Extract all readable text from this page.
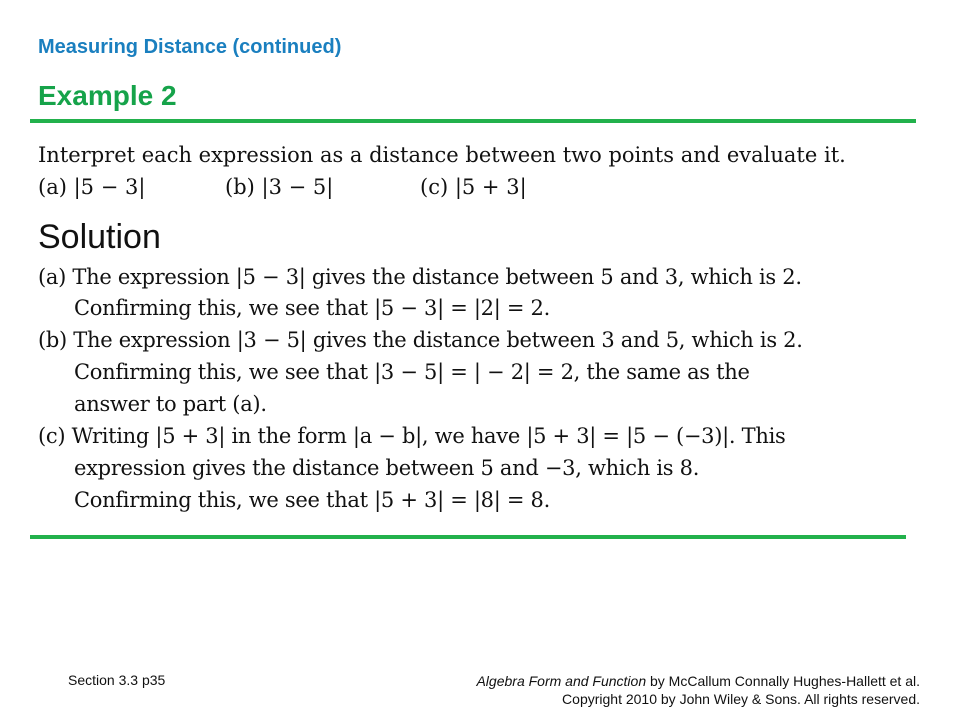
Measuring Distance (continued)
Example 2
Interpret each expression as a distance between two points and evaluate it.
(a) |5 − 3|	(b) |3 − 5|	(c) |5 + 3|
Solution
(a) The expression |5 − 3| gives the distance between 5 and 3, which is 2.
Confirming this, we see that |5 − 3| = |2| = 2.
(b) The expression |3 − 5| gives the distance between 3 and 5, which is 2.
Confirming this, we see that |3 − 5| = | − 2| = 2, the same as the
answer to part (a).
(c) Writing |5 + 3| in the form |a − b|, we have |5 + 3| = |5 − (−3)|. This
expression gives the distance between 5 and −3, which is 8.
Confirming this, we see that |5 + 3| = |8| = 8.
Section 3.3 p35	Algebra Form and Function by McCallum Connally Hughes-Hallett et al.
Copyright 2010 by John Wiley & Sons. All rights reserved.
